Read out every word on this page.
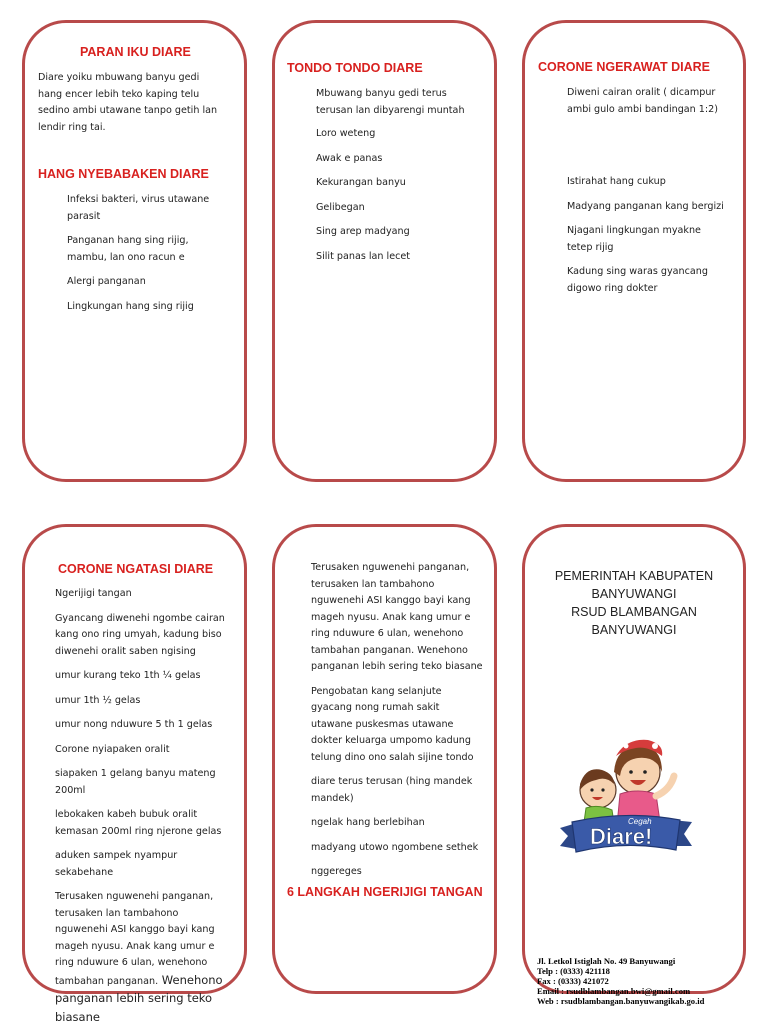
PARAN IKU DIARE

Diare yoiku mbuwang banyu gedi hang encer lebih teko kaping telu sedino ambi utawane tanpo getih lan lendir ring tai.

HANG NYEBABAKEN DIARE

Infeksi bakteri, virus utawane parasit

Panganan hang sing rijig, mambu, lan ono racun e

Alergi panganan

Lingkungan hang sing rijig

TONDO TONDO DIARE

Mbuwang banyu gedi terus terusan lan dibyarengi muntah

Loro weteng

Awak e panas

Kekurangan banyu

Gelibegan

Sing arep madyang

Silit panas lan lecet

CORONE NGERAWAT DIARE

Diweni cairan oralit ( dicampur ambi gulo ambi bandingan 1:2)

Istirahat hang cukup

Madyang panganan kang bergizi

Njagani lingkungan myakne tetep rijig

Kadung sing waras gyancang digowo ring dokter

CORONE NGATASI DIARE

Ngerijigi tangan

Gyancang diwenehi ngombe cairan kang ono ring umyah, kadung biso diwenehi oralit saben ngising

umur kurang teko 1th ¼ gelas

umur 1th ½ gelas

umur nong nduwure 5 th 1 gelas

Corone nyiapaken oralit

siapaken 1 gelang banyu mateng 200ml

lebokaken kabeh bubuk oralit kemasan 200ml ring njerone gelas

aduken sampek nyampur sekabehane

Terusaken nguwenehi panganan, terusaken lan tambahono nguwenehi ASI kanggo bayi kang mageh nyusu. Anak kang umur e ring nduwure 6 ulan, wenehono tambahan panganan. Wenehono panganan lebih sering teko biasane

Terusaken nguwenehi panganan, terusaken lan tambahono nguwenehi ASI kanggo bayi kang mageh nyusu. Anak kang umur e ring nduwure 6 ulan, wenehono tambahan panganan. Wenehono panganan lebih sering teko biasane

Pengobatan kang selanjute gyacang nong rumah sakit utawane puskesmas utawane dokter keluarga umpomo kadung telung dino ono salah sijine tondo

diare terus terusan (hing mandek mandek)

ngelak hang berlebihan

madyang utowo ngombene sethek

nggereges

6 LANGKAH NGERIJIGI TANGAN
PEMERINTAH KABUPATEN
BANYUWANGI
RSUD BLAMBANGAN
BANYUWANGI
Cegah
Diare!
Jl. Letkol Istiglah No. 49 Banyuwangi
Telp : (0333) 421118
Fax : (0333) 421072
Email : rsudblambangan.bwi@gmail.com
Web : rsudblambangan.banyuwangikab.go.id
